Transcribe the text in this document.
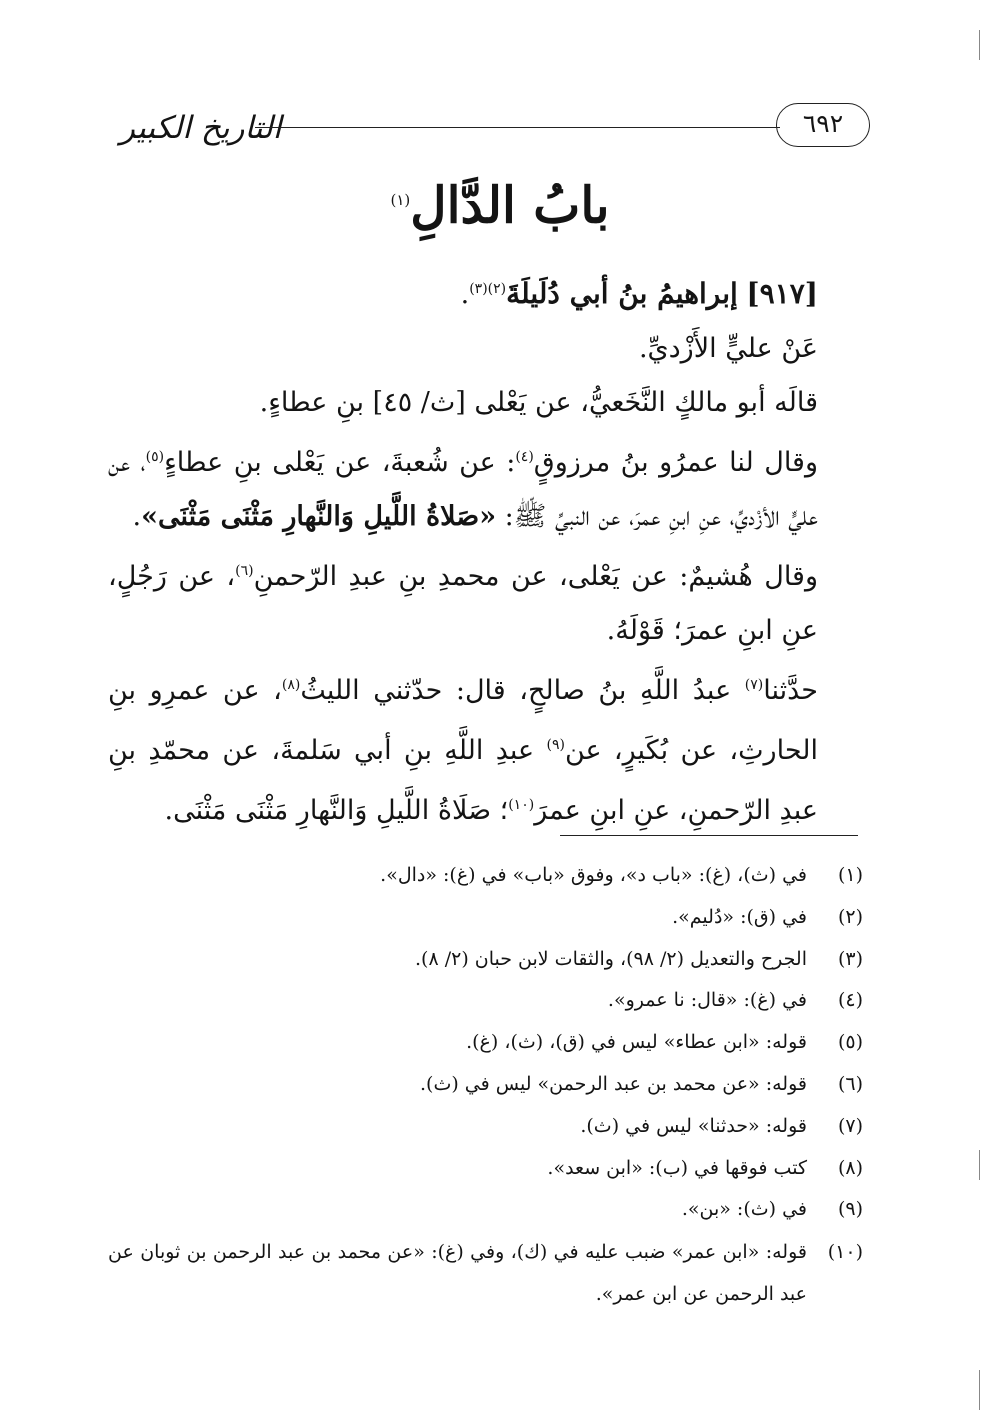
التاريخ الكبير	٦٩٢
بابُ الدَّالِ$^{(١)}$

[٩١٧] إبراهيمُ بنُ أبي دُلَيلَةَ$^{(٢)(٣)}$.

عَنْ عليٍّ الأَزْديِّ.

قالَه أبو مالكٍ النَّخَعيُّ، عن يَعْلى [ث/ ٤٥] بنِ عطاءٍ.

وقال لنا عمرُو بنُ مرزوقٍ$^{(٤)}$: عن شُعبةَ، عن يَعْلى بنِ عطاءٍ$^{(٥)}$، عن عليٍّ الأزْديِّ، عنِ ابنِ عمرَ، عن النبيِّ ﷺ: «صَلاةُ اللَّيلِ وَالنَّهارِ مَثْنَى مَثْنَى».

وقال هُشيمٌ: عن يَعْلى، عن محمدِ بنِ عبدِ الرّحمنِ$^{(٦)}$، عن رَجُلٍ، عنِ ابنِ عمرَ؛ قَوْلَهُ.

حدَّثنا$^{(٧)}$ عبدُ اللَّهِ بنُ صالحٍ، قال: حدّثني الليثُ$^{(٨)}$، عن عمرِو بنِ الحارثِ، عن بُكَيرٍ، عن$^{(٩)}$ عبدِ اللَّهِ بنِ أبي سَلمةَ، عن محمّدِ بنِ عبدِ الرّحمنِ، عنِ ابنِ عمرَ$^{(١٠)}$؛ صَلَاةُ اللَّيلِ وَالنَّهارِ مَثْنَى مَثْنَى.

(١)
في (ث)، (غ): «باب د»، وفوق «باب» في (غ): «دال».

(٢)
في (ق): «دُليم».

(٣)
الجرح والتعديل (٢/ ٩٨)، والثقات لابن حبان (٢/ ٨).

(٤)
في (غ): «قال: نا عمرو».

(٥)
قوله: «ابن عطاء» ليس في (ق)، (ث)، (غ).

(٦)
قوله: «عن محمد بن عبد الرحمن» ليس في (ث).

(٧)
قوله: «حدثنا» ليس في (ث).

(٨)
كتب فوقها في (ب): «ابن سعد».

(٩)
في (ث): «بن».

(١٠)
قوله: «ابن عمر» ضبب عليه في (ك)، وفي (غ): «عن محمد بن عبد الرحمن بن ثوبان عن عبد الرحمن عن ابن عمر».
